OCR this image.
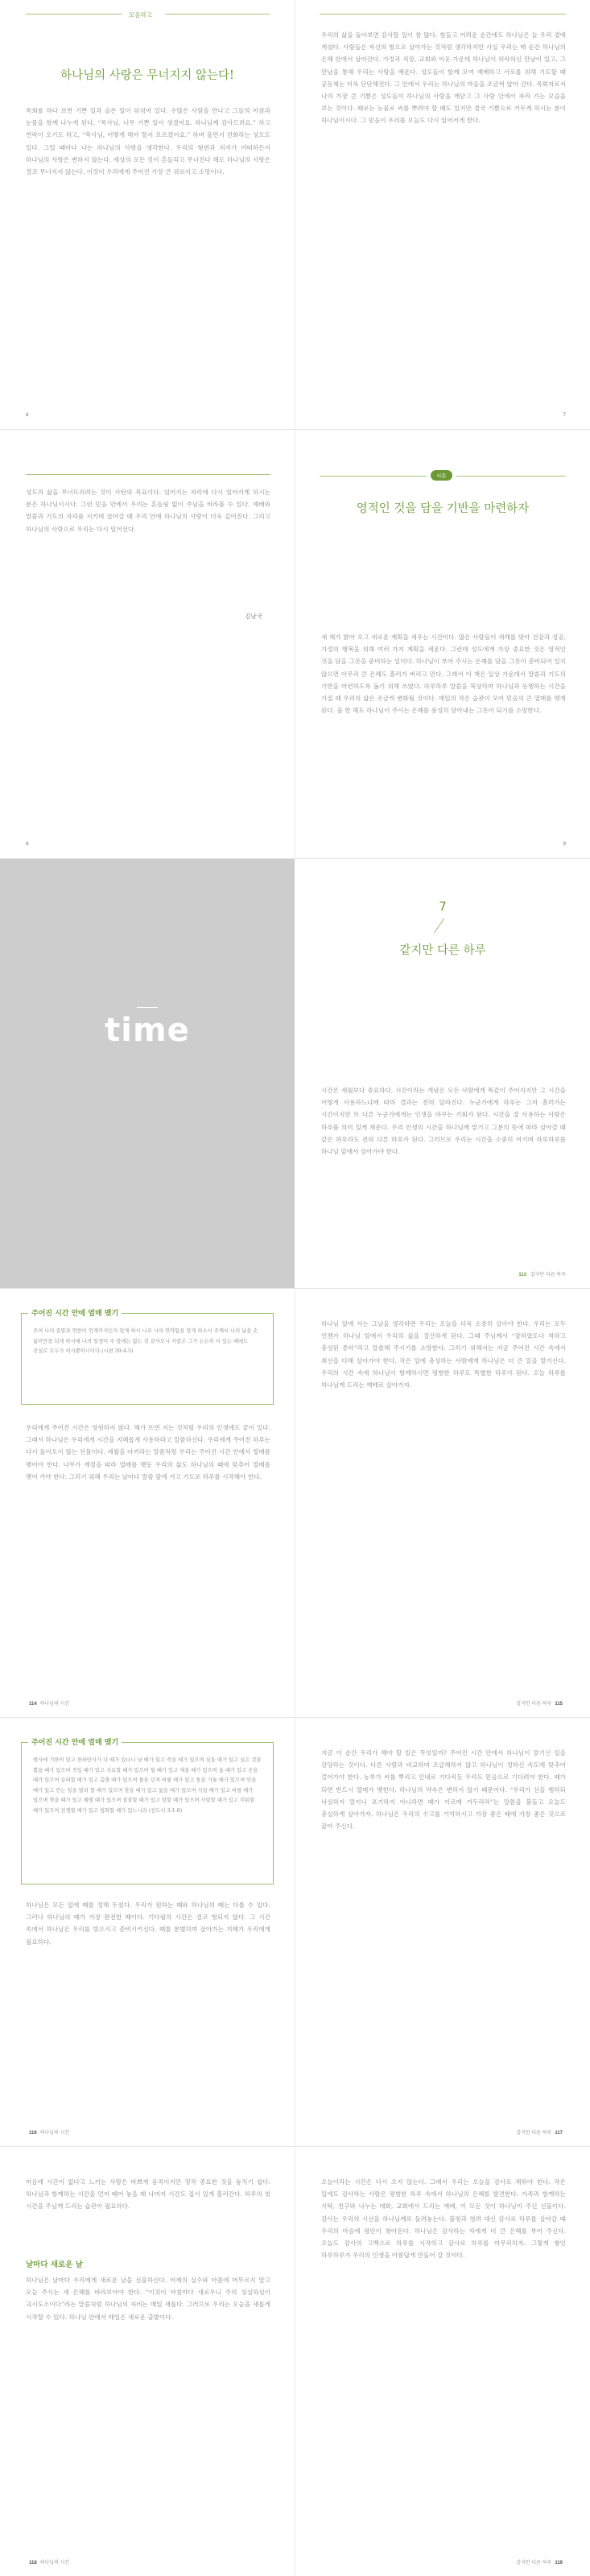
모음하고
하나님의 사랑은 무너지지 않는다!
목회를 하다 보면 기쁜 일과 슬픈 일이 뒤섞여 있다. 수많은 사람을 만나고 그들의 아픔과 눈물을 함께 나누게 된다. “목사님, 너무 기쁜 일이 생겼어요. 하나님께 감사드려요.” 하고 연락이 오기도 하고, “목사님, 어떻게 해야 할지 모르겠어요.” 하며 울면서 전화하는 성도도 있다. 그럴 때마다 나는 하나님의 사랑을 생각한다. 우리의 형편과 처지가 어떠하든지 하나님의 사랑은 변하지 않는다. 세상의 모든 것이 흔들리고 무너진다 해도 하나님의 사랑은 결코 무너지지 않는다. 이것이 우리에게 주어진 가장 큰 위로이고 소망이다.
6
우리의 삶을 돌아보면 감사할 일이 참 많다. 힘들고 어려운 순간에도 하나님은 늘 우리 곁에 계셨다. 사람들은 자신의 힘으로 살아가는 것처럼 생각하지만 사실 우리는 매 순간 하나님의 은혜 안에서 살아간다. 가정과 직장, 교회와 이웃 가운데 하나님이 허락하신 만남이 있고, 그 만남을 통해 우리는 사랑을 배운다. 성도들이 함께 모여 예배하고 서로를 위해 기도할 때 공동체는 더욱 단단해진다. 그 안에서 우리는 하나님의 마음을 조금씩 알아 간다. 목회자로서 나의 가장 큰 기쁨은 성도들이 하나님의 사랑을 깨닫고 그 사랑 안에서 자라 가는 모습을 보는 것이다. 때로는 눈물로 씨를 뿌려야 할 때도 있지만 결국 기쁨으로 거두게 하시는 분이 하나님이시다. 그 믿음이 우리를 오늘도 다시 일어서게 한다.
7
성도의 삶을 무너뜨리려는 것이 사탄의 목표이다. 넘어지는 자리에 다시 일어서게 하시는 분은 하나님이시다. 그런 믿음 안에서 우리는 흔들림 없이 주님을 바라볼 수 있다. 예배와 말씀과 기도의 자리를 지키며 살아갈 때 우리 안에 하나님의 사랑이 더욱 깊어진다. 그리고 하나님의 사랑으로 우리는 다시 일어선다.
김남국
8
서문
영적인 것을 담을 기반을 마련하자
새 해가 밝아 오고 새로운 계획을 세우는 시간이다. 많은 사람들이 새해를 맞아 건강과 성공, 가정의 행복을 위해 여러 가지 계획을 세운다. 그런데 성도에게 가장 중요한 것은 영적인 것을 담을 그릇을 준비하는 일이다. 하나님이 부어 주시는 은혜를 담을 그릇이 준비되어 있지 않으면 아무리 큰 은혜도 흘러가 버리고 만다. 그래서 이 책은 일상 가운데서 말씀과 기도의 기반을 마련하도록 돕기 위해 쓰였다. 하루하루 말씀을 묵상하며 하나님과 동행하는 시간을 가질 때 우리의 삶은 조금씩 변화될 것이다. 매일의 작은 습관이 모여 믿음의 큰 열매를 맺게 된다. 올 한 해도 하나님이 주시는 은혜를 풍성히 담아내는 그릇이 되기를 소망한다.
9
time
7
같지만 다른 하루
시간은 세월보다 중요하다. 시간이라는 개념은 모든 사람에게 똑같이 주어지지만 그 시간을 어떻게 사용하느냐에 따라 결과는 전혀 달라진다. 누군가에게 하루는 그저 흘러가는 시간이지만 또 다른 누군가에게는 인생을 바꾸는 기회가 된다. 시간을 잘 사용하는 사람은 하루를 의미 있게 채운다. 우리 인생의 시간을 하나님께 맡기고 그분의 뜻에 따라 살아갈 때 같은 하루라도 전혀 다른 하루가 된다. 그러므로 우리는 시간을 소중히 여기며 하루하루를 하나님 앞에서 살아가야 한다.
113 같지만 다른 하루
주어진 시간 안에 열매 맺기
주여 나의 종말과 연한이 언제까지인지 알게 하사 나로 나의 연약함을 알게 하소서 주께서 나의 날을 손 넓이만큼 되게 하시매 나의 일생이 주 앞에는 없는 것 같사오니 사람은 그가 든든히 서 있는 때에도 진실로 모두가 허사뿐이니이다 (시편 39:4-5)
우리에게 주어진 시간은 영원하지 않다. 해가 뜨면 지는 것처럼 우리의 인생에도 끝이 있다. 그래서 하나님은 우리에게 시간을 지혜롭게 사용하라고 말씀하신다. 우리에게 주어진 하루는 다시 돌아오지 않는 선물이다. 세월을 아끼라는 말씀처럼 우리는 주어진 시간 안에서 열매를 맺어야 한다. 나무가 계절을 따라 열매를 맺듯 우리의 삶도 하나님의 때에 맞추어 열매를 맺어 가야 한다. 그러기 위해 우리는 날마다 말씀 앞에 서고 기도로 하루를 시작해야 한다.
114 하나님의 시간
하나님 앞에 서는 그날을 생각하면 우리는 오늘을 더욱 소중히 살아야 한다. 우리는 모두 언젠가 하나님 앞에서 우리의 삶을 결산하게 된다. 그때 주님께서 “잘하였도다 착하고 충성된 종아”라고 말씀해 주시기를 소망한다. 그러기 위해서는 지금 주어진 시간 속에서 최선을 다해 살아가야 한다. 작은 일에 충성하는 사람에게 하나님은 더 큰 일을 맡기신다. 우리의 시간 속에 하나님이 함께하시면 평범한 하루도 특별한 하루가 된다. 오늘 하루를 하나님께 드리는 예배로 살아가자.
같지만 다른 하루 115
주어진 시간 안에 열매 맺기
범사에 기한이 있고 천하만사가 다 때가 있나니 날 때가 있고 죽을 때가 있으며 심을 때가 있고 심은 것을 뽑을 때가 있으며 죽일 때가 있고 치료할 때가 있으며 헐 때가 있고 세울 때가 있으며 울 때가 있고 웃을 때가 있으며 슬퍼할 때가 있고 춤출 때가 있으며 돌을 던져 버릴 때가 있고 돌을 거둘 때가 있으며 안을 때가 있고 안는 일을 멀리 할 때가 있으며 찾을 때가 있고 잃을 때가 있으며 지킬 때가 있고 버릴 때가 있으며 찢을 때가 있고 꿰맬 때가 있으며 잠잠할 때가 있고 말할 때가 있으며 사랑할 때가 있고 미워할 때가 있으며 전쟁할 때가 있고 평화할 때가 있느니라 (전도서 3:1-8)
하나님은 모든 일에 때를 정해 두셨다. 우리가 원하는 때와 하나님의 때는 다를 수 있다. 그러나 하나님의 때가 가장 완전한 때이다. 기다림의 시간은 결코 헛되지 않다. 그 시간 속에서 하나님은 우리를 빚으시고 준비시키신다. 때를 분별하며 살아가는 지혜가 우리에게 필요하다.
116 하나님의 시간
지금 이 순간 우리가 해야 할 일은 무엇일까? 주어진 시간 안에서 하나님이 맡기신 일을 감당하는 것이다. 다른 사람과 비교하며 조급해하지 않고 하나님이 정하신 속도에 맞추어 걸어가야 한다. 농부가 씨를 뿌리고 인내로 기다리듯 우리도 믿음으로 기다려야 한다. 때가 되면 반드시 열매가 맺힌다. 하나님의 약속은 변하지 않기 때문이다. “우리가 선을 행하되 낙심하지 말지니 포기하지 아니하면 때가 이르매 거두리라”는 말씀을 붙들고 오늘도 충실하게 살아가자. 하나님은 우리의 수고를 기억하시고 가장 좋은 때에 가장 좋은 것으로 갚아 주신다.
같지만 다른 하루 117
마음에 시간이 없다고 느끼는 사람은 바쁘게 움직이지만 정작 중요한 것을 놓치기 쉽다. 하나님과 함께하는 시간을 먼저 떼어 놓을 때 나머지 시간도 질서 있게 흘러간다. 하루의 첫 시간을 주님께 드리는 습관이 필요하다.
날마다 새로운 날
하나님은 날마다 우리에게 새로운 날을 선물하신다. 어제의 실수와 아픔에 머무르지 말고 오늘 주시는 새 은혜를 바라보아야 한다. “이것이 아침마다 새로우니 주의 성실하심이 크시도소이다”라는 말씀처럼 하나님의 자비는 매일 새롭다. 그러므로 우리는 오늘을 새롭게 시작할 수 있다. 하나님 안에서 매일은 새로운 출발이다.
118 하나님의 시간
오늘이라는 시간은 다시 오지 않는다. 그래서 우리는 오늘을 감사로 채워야 한다. 작은 일에도 감사하는 사람은 평범한 하루 속에서 하나님의 은혜를 발견한다. 가족과 함께하는 식탁, 친구와 나누는 대화, 교회에서 드리는 예배, 이 모든 것이 하나님이 주신 선물이다. 감사는 우리의 시선을 하나님께로 돌려놓는다. 불평과 염려 대신 감사로 하루를 살아갈 때 우리의 마음에 평안이 찾아온다. 하나님은 감사하는 자에게 더 큰 은혜를 부어 주신다. 오늘도 감사의 고백으로 하루를 시작하고 감사로 하루를 마무리하자. 그렇게 쌓인 하루하루가 우리의 인생을 아름답게 만들어 갈 것이다.
같지만 다른 하루 119
